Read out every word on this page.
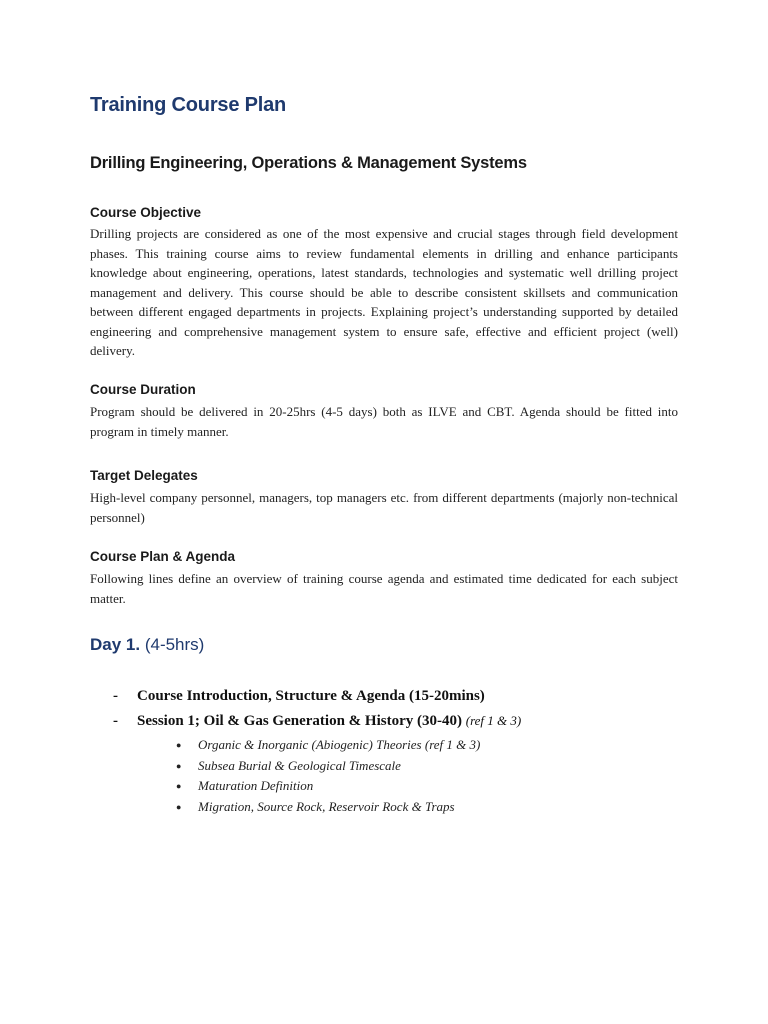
Training Course Plan
Drilling Engineering, Operations & Management Systems
Course Objective

Drilling projects are considered as one of the most expensive and crucial stages through field development phases. This training course aims to review fundamental elements in drilling and enhance participants knowledge about engineering, operations, latest standards, technologies and systematic well drilling project management and delivery. This course should be able to describe consistent skillsets and communication between different engaged departments in projects. Explaining project’s understanding supported by detailed engineering and comprehensive management system to ensure safe, effective and efficient project (well) delivery.

Course Duration

Program should be delivered in 20-25hrs (4-5 days) both as ILVE and CBT. Agenda should be fitted into program in timely manner.

Target Delegates

High-level company personnel, managers, top managers etc. from different departments (majorly non-technical personnel)

Course Plan & Agenda

Following lines define an overview of training course agenda and estimated time dedicated for each subject matter.

Day 1. (4-5hrs)

- Course Introduction, Structure & Agenda (15-20mins)

- Session 1; Oil & Gas Generation & History (30-40) (ref 1 & 3)

● Organic & Inorganic (Abiogenic) Theories (ref 1 & 3)
● Subsea Burial & Geological Timescale
● Maturation Definition
● Migration, Source Rock, Reservoir Rock & Traps
